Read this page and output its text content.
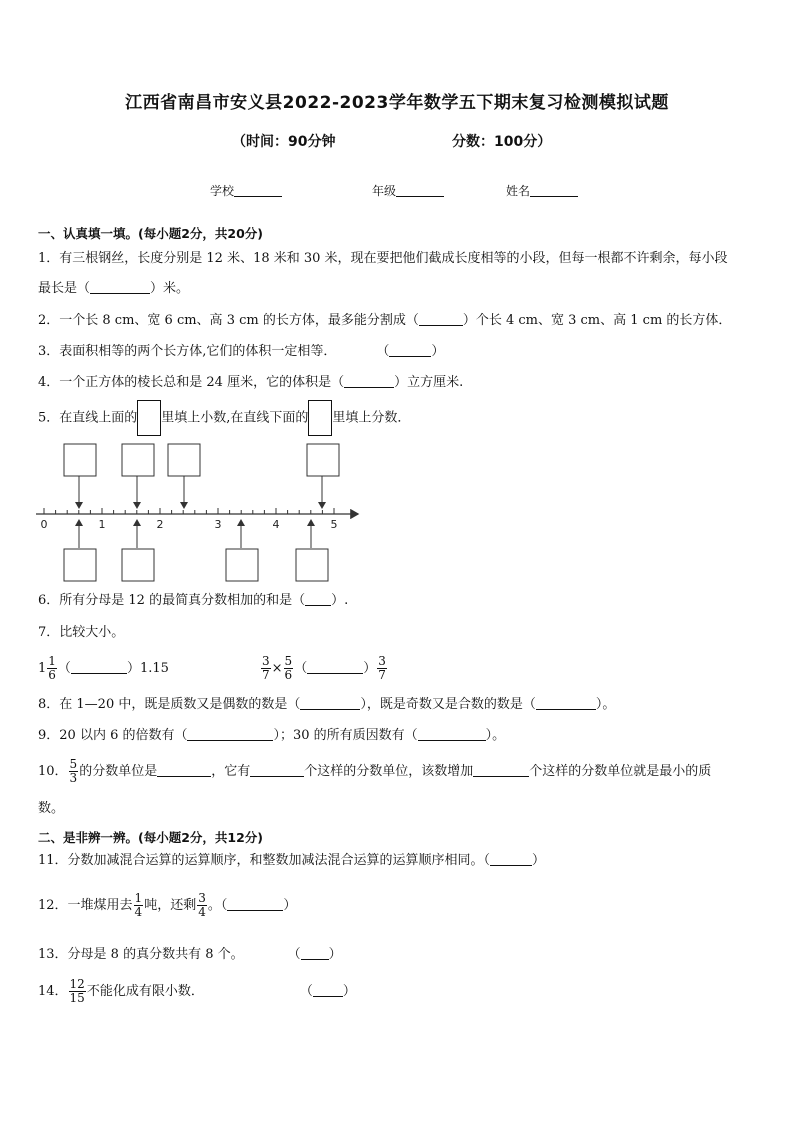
江西省南昌市安义县2022-2023学年数学五下期末复习检测模拟试题
（时间：90分钟	分数：100分）
学校	年级	姓名
一、认真填一填。(每小题2分，共20分)
1．有三根钢丝，长度分别是 12 米、18 米和 30 米，现在要把他们截成长度相等的小段，但每一根都不许剩余，每小段
最长是（	）米。
2．一个长 8 cm、宽 6 cm、高 3 cm 的长方体，最多能分割成（	）个长 4 cm、宽 3 cm、高 1 cm 的长方体．
3．表面积相等的两个长方体,它们的体积一定相等．	（	）
4．一个正方体的棱长总和是 24 厘米，它的体积是（	）立方厘米.
5．在直线上面的 里填上小数,在直线下面的 里填上分数．
0	1	2	3	4	5
6．所有分母是 12 的最简真分数相加的和是（ ）.
7．比较大小。
$1 \frac{1}{6}$ （	）1.15	$\frac{3}{7} \times \frac{5}{6}$ （	） $\frac{3}{7}$
8．在 1—20 中，既是质数又是偶数的数是（	），既是奇数又是合数的数是（	）。
9．20 以内 6 的倍数有（	）；30 的所有质因数有（	）。
10． $\frac{5}{3}$ 的分数单位是	，它有	个这样的分数单位，该数增加	个这样的分数单位就是最小的质
数。
二、是非辨一辨。(每小题2分，共12分)
11．分数加减混合运算的运算顺序，和整数加减法混合运算的运算顺序相同。（	）
12．一堆煤用去 $\frac{1}{4}$ 吨，还剩 $\frac{3}{4}$ 。（	）
13．分母是 8 的真分数共有 8 个。	（ ）
14． $\frac{12}{15}$ 不能化成有限小数．	（ ）
